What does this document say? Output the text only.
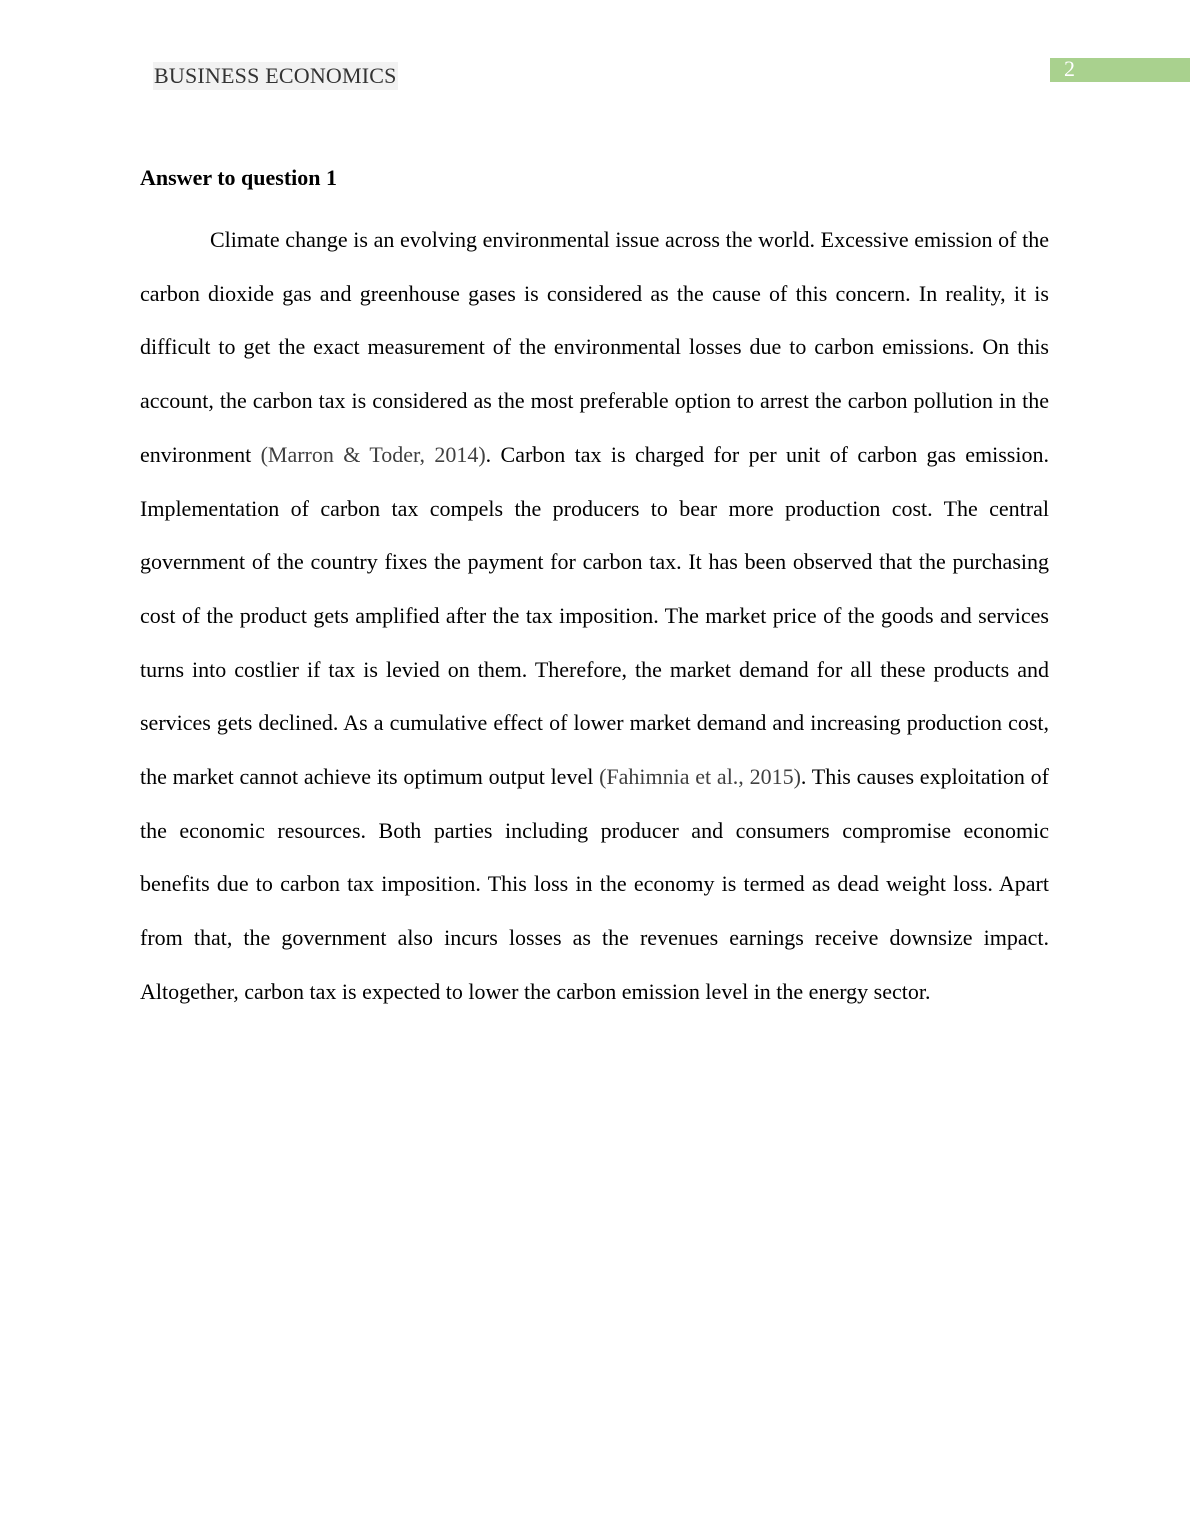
BUSINESS ECONOMICS	2
Answer to question 1

Climate change is an evolving environmental issue across the world. Excessive emission of the carbon dioxide gas and greenhouse gases is considered as the cause of this concern. In reality, it is difficult to get the exact measurement of the environmental losses due to carbon emissions. On this account, the carbon tax is considered as the most preferable option to arrest the carbon pollution in the environment (Marron & Toder, 2014). Carbon tax is charged for per unit of carbon gas emission. Implementation of carbon tax compels the producers to bear more production cost. The central government of the country fixes the payment for carbon tax. It has been observed that the purchasing cost of the product gets amplified after the tax imposition. The market price of the goods and services turns into costlier if tax is levied on them. Therefore, the market demand for all these products and services gets declined. As a cumulative effect of lower market demand and increasing production cost, the market cannot achieve its optimum output level (Fahimnia et al., 2015). This causes exploitation of the economic resources. Both parties including producer and consumers compromise economic benefits due to carbon tax imposition. This loss in the economy is termed as dead weight loss. Apart from that, the government also incurs losses as the revenues earnings receive downsize impact. Altogether, carbon tax is expected to lower the carbon emission level in the energy sector.
